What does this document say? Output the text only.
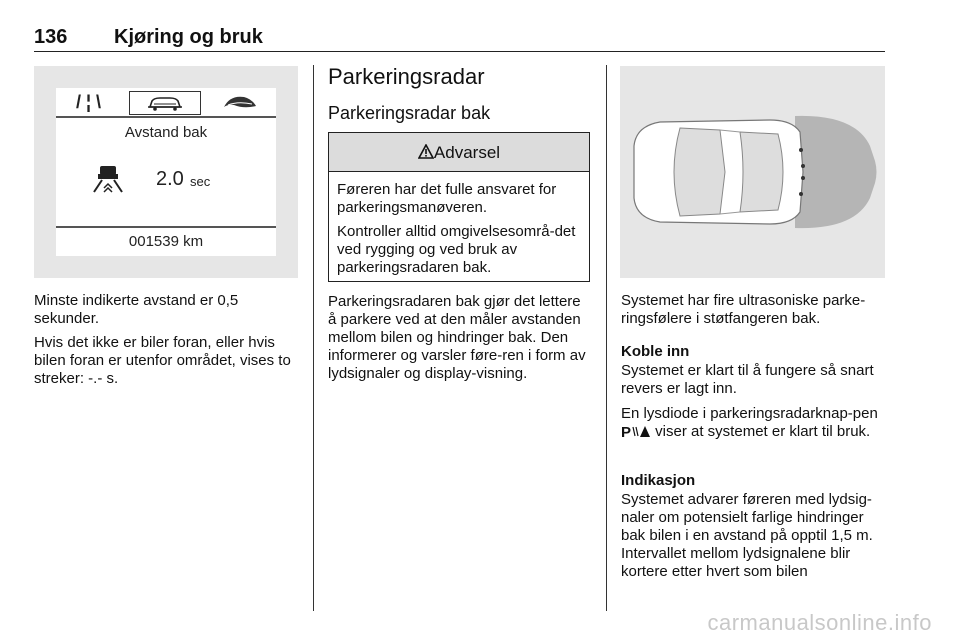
136 Kjøring og bruk
/ ¦ \
Avstand bak
2.0 sec
001539 km

Minste indikerte avstand er 0,5 sekunder.

Hvis det ikke er biler foran, eller hvis bilen foran er utenfor området, vises to streker: -.- s.

Parkeringsradar
Parkeringsradar bak
Advarsel

Føreren har det fulle ansvaret for parkeringsmanøveren.

Kontroller alltid omgivelsesområ-det ved rygging og ved bruk av parkeringsradaren bak.

Parkeringsradaren bak gjør det lettere å parkere ved at den måler avstanden mellom bilen og hindringer bak. Den informerer og varsler føre-ren i form av lydsignaler og display-visning.

Systemet har fire ultrasoniske parke-ringsfølere i støtfangeren bak.

Koble inn

Systemet er klart til å fungere så snart revers er lagt inn.

En lysdiode i parkeringsradarknap-pen
P viser at systemet er klart til bruk.

Indikasjon

Systemet advarer føreren med lydsig-naler om potensielt farlige hindringer bak bilen i en avstand på opptil 1,5 m. Intervallet mellom lydsignalene blir kortere etter hvert som bilen

carmanualsonline.info
